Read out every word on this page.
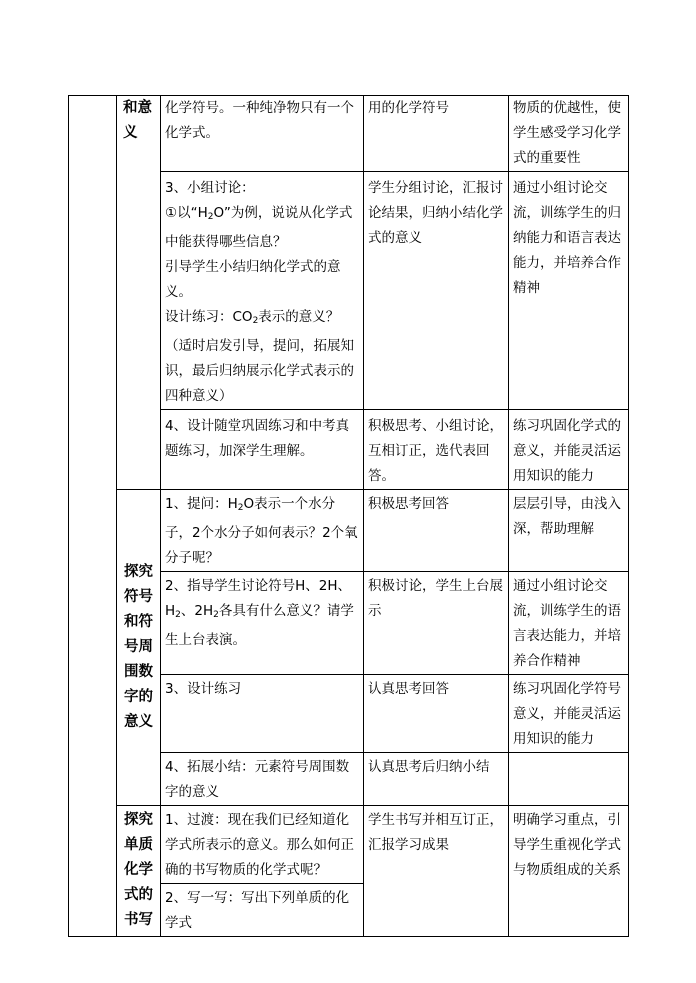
	和意义	化学符号。一种纯净物只有一个化学式。	用的化学符号	物质的优越性，使学生感受学习化学式的重要性

		3、小组讨论：
①以“$H_2O$”为例，说说从化学式中能获得哪些信息？
引导学生小结归纳化学式的意义。
设计练习：$CO_2$表示的意义？（适时启发引导，提问，拓展知识，最后归纳展示化学式表示的四种意义）	学生分组讨论，汇报讨论结果，归纳小结化学式的意义	通过小组讨论交流，训练学生的归纳能力和语言表达能力，并培养合作精神
		4、设计随堂巩固练习和中考真题练习，加深学生理解。	积极思考、小组讨论，互相订正，选代表回答。	练习巩固化学式的意义，并能灵活运用知识的能力
	探究符号和符号周围数字的意义	1、提问：$H_2O$表示一个水分子，2个水分子如何表示？2个氧分子呢？	积极思考回答	层层引导，由浅入深，帮助理解
		2、指导学生讨论符号H、2H、$H_2$、$2H_2$各具有什么意义？请学生上台表演。	积极讨论，学生上台展示	通过小组讨论交流，训练学生的语言表达能力，并培养合作精神
		3、设计练习	认真思考回答	练习巩固化学符号意义，并能灵活运用知识的能力
		4、拓展小结：元素符号周围数字的意义	认真思考后归纳小结	
	探究单质化学式的书写	1、过渡：现在我们已经知道化学式所表示的意义。那么如何正确的书写物质的化学式呢？	学生书写并相互订正，汇报学习成果	明确学习重点，引导学生重视化学式与物质组成的关系
		2、写一写：写出下列单质的化学式		
